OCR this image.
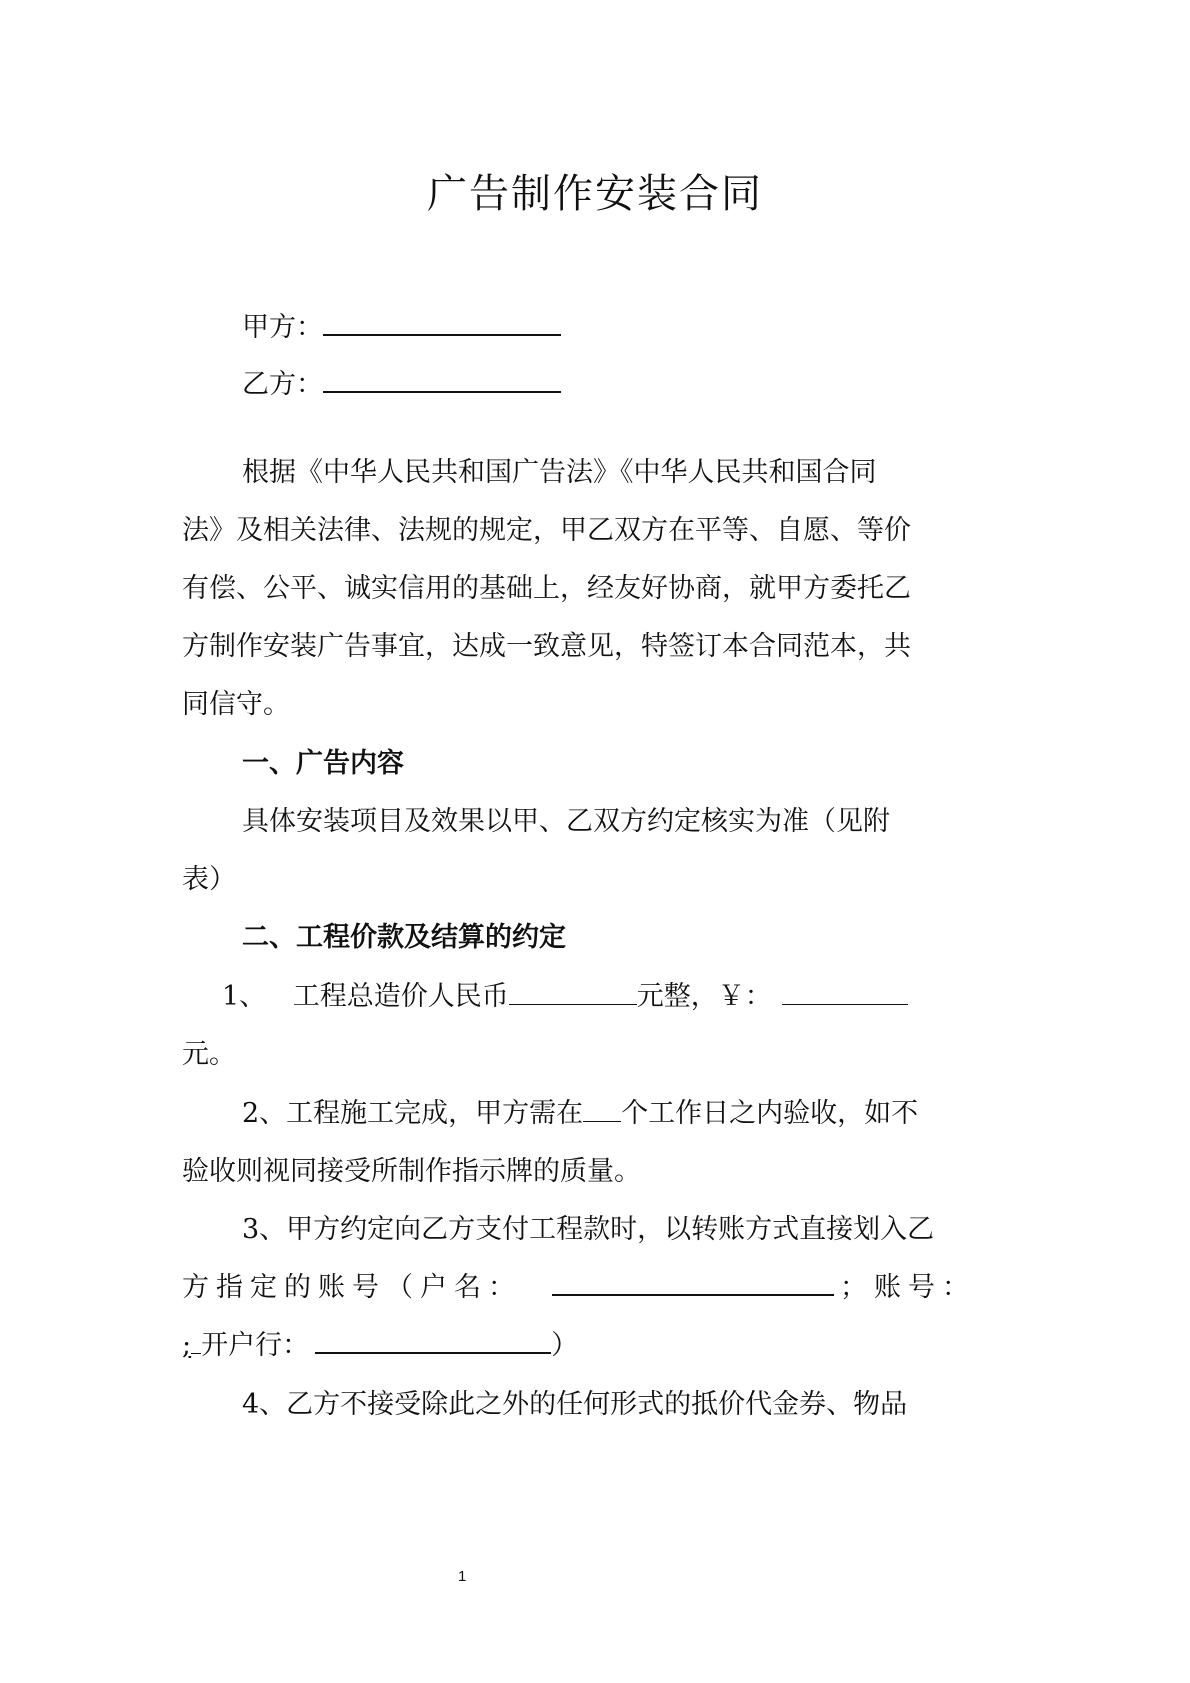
广告制作安装合同
甲方：
乙方：
根据《中华人民共和国广告法》《中华人民共和国合同
法》及相关法律、法规的规定，甲乙双方在平等、自愿、等价
有偿、公平、诚实信用的基础上，经友好协商，就甲方委托乙
方制作安装广告事宜，达成一致意见，特签订本合同范本，共
同信守。
一、广告内容
具体安装项目及效果以甲、乙双方约定核实为准（见附
表）
二、工程价款及结算的约定
1、 工程总造价人民币	元整，￥：
元。
2、工程施工完成，甲方需在 个工作日之内验收，如不
验收则视同接受所制作指示牌的质量。
3、甲方约定向乙方支付工程款时，以转账方式直接划入乙
方指定的账号（户名：	；账号：
; 开户行：	）
4、乙方不接受除此之外的任何形式的抵价代金券、物品
1
